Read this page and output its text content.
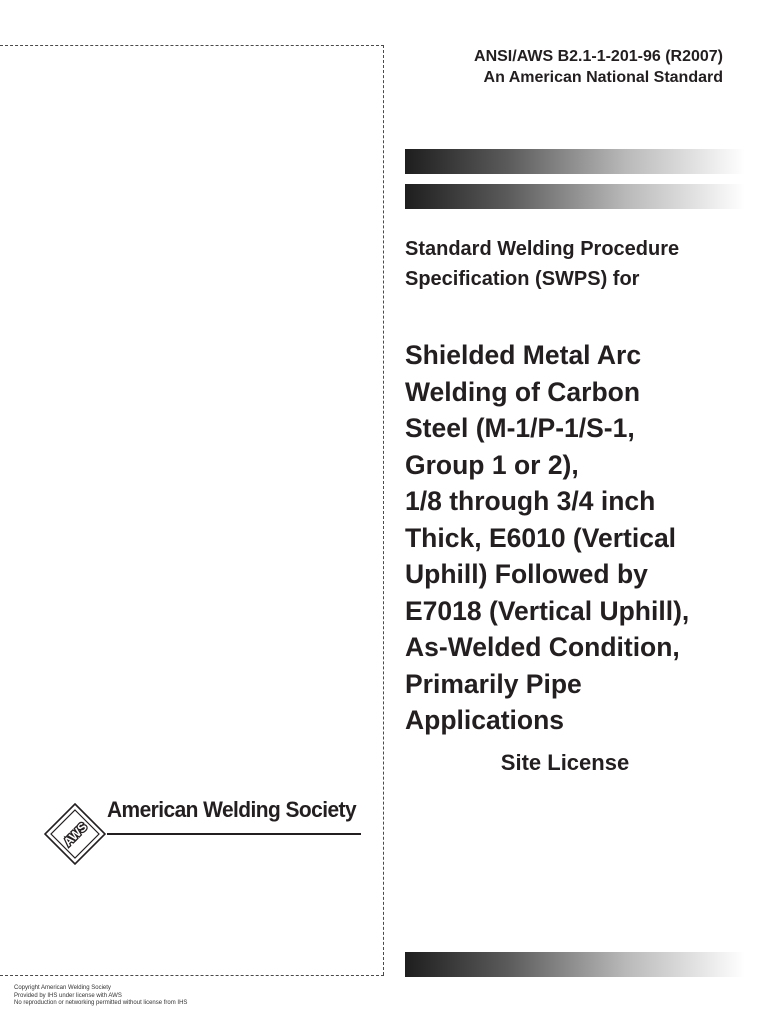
ANSI/AWS B2.1-1-201-96 (R2007)
An American National Standard
Standard Welding Procedure
Specification (SWPS) for
Shielded Metal Arc
Welding of Carbon
Steel (M-1/P-1/S-1,
Group 1 or 2),
1/8 through 3/4 inch
Thick, E6010 (Vertical
Uphill) Followed by
E7018 (Vertical Uphill),
As-Welded Condition,
Primarily Pipe
Applications
Site License
AWS
American Welding Society
Copyright American Welding Society
Provided by IHS under license with AWS
No reproduction or networking permitted without license from IHS
